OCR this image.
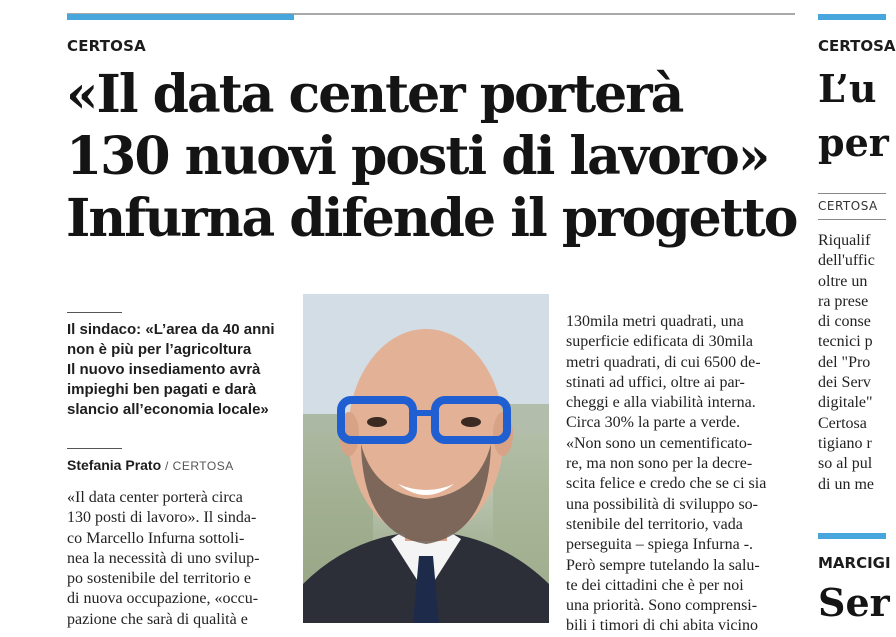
CERTOSA
«Il data center porterà
130 nuovi posti di lavoro»
Infurna difende il progetto
Il sindaco: «L’area da 40 anni
non è più per l’agricoltura
Il nuovo insediamento avrà
impieghi ben pagati e darà
slancio all’economia locale»
Stefania Prato / CERTOSA
«Il data center porterà circa
130 posti di lavoro». Il sinda-
co Marcello Infurna sottoli-
nea la necessità di uno svilup-
po sostenibile del territorio e
di nuova occupazione, «occu-
pazione che sarà di qualità e
130mila metri quadrati, una
superficie edificata di 30mila
metri quadrati, di cui 6500 de-
stinati ad uffici, oltre ai par-
cheggi e alla viabilità interna.
Circa 30% la parte a verde.
«Non sono un cementificato-
re, ma non sono per la decre-
scita felice e credo che se ci sia
una possibilità di sviluppo so-
stenibile del territorio, vada
perseguita – spiega Infurna -.
Però sempre tutelando la salu-
te dei cittadini che è per noi
una priorità. Sono comprensi-
bili i timori di chi abita vicino
CERTOSA
L’u
per
CERTOSA
Riqualif
dell'uffic
oltre un
ra prese
di conse
tecnici p
del "Pro
dei Serv
digitale"
Certosa
tigiano r
so al pul
di un me
MARCIGI
Ser
